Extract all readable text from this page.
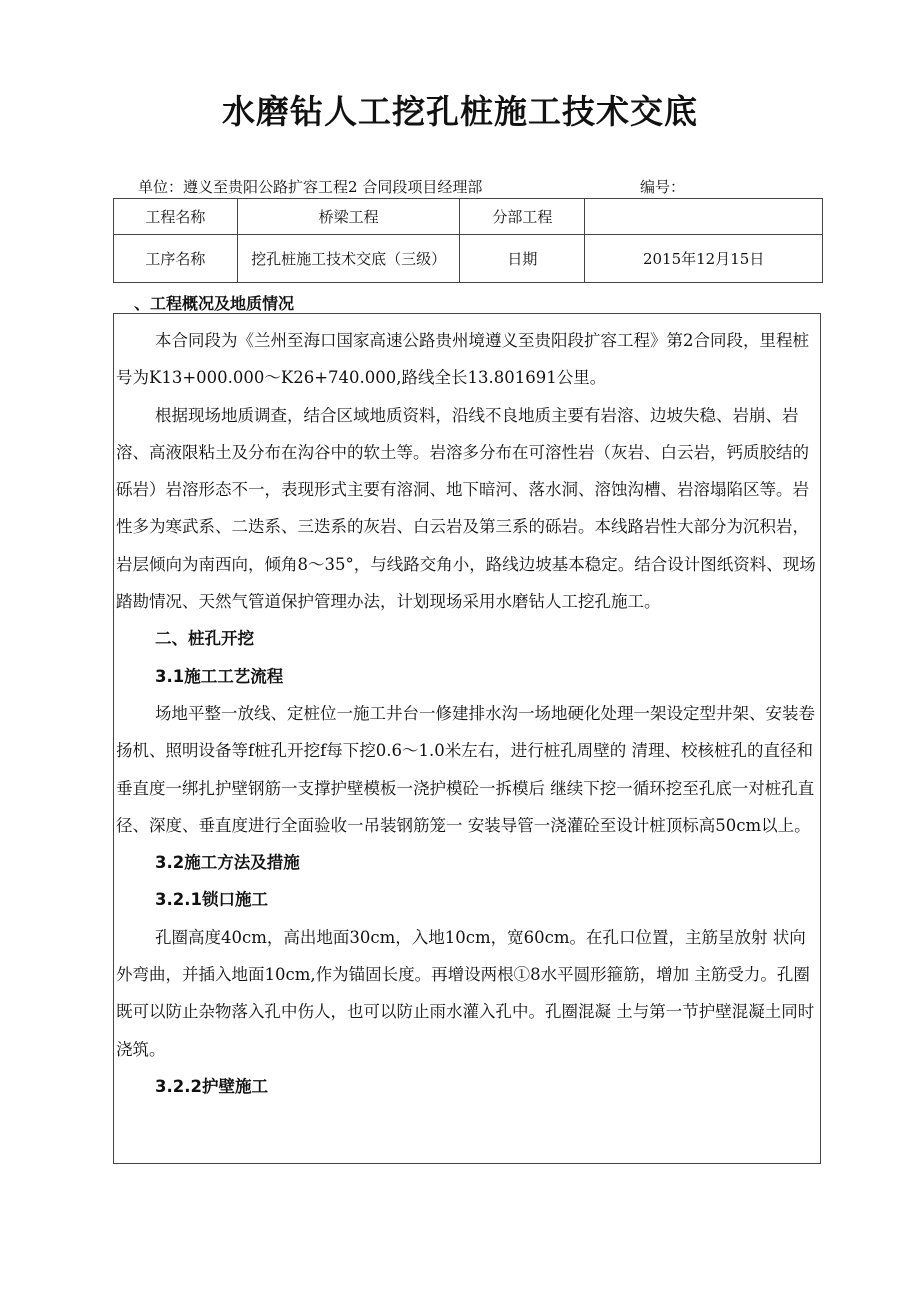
水磨钻人工挖孔桩施工技术交底
单位：遵义至贵阳公路扩容工程2 合同段项目经理部	编号：
工程名称	桥梁工程	分部工程	
工序名称	挖孔桩施工技术交底（三级）	日期	2015年12月15日
、工程概况及地质情况

本合同段为《兰州至海口国家高速公路贵州境遵义至贵阳段扩容工程》第2合同段，里程桩号为K13+000.000〜K26+740.000,路线全长13.801691公里。

根据现场地质调查，结合区域地质资料，沿线不良地质主要有岩溶、边坡失稳、岩崩、岩溶、高液限粘土及分布在沟谷中的软土等。岩溶多分布在可溶性岩（灰岩、白云岩，钙质胶结的砾岩）岩溶形态不一，表现形式主要有溶洞、地下暗河、落水洞、溶蚀沟槽、岩溶塌陷区等。岩性多为寒武系、二迭系、三迭系的灰岩、白云岩及第三系的砾岩。本线路岩性大部分为沉积岩，岩层倾向为南西向，倾角8〜35°，与线路交角小，路线边坡基本稳定。结合设计图纸资料、现场踏勘情况、天然气管道保护管理办法，计划现场采用水磨钻人工挖孔施工。

二、桩孔开挖

3.1施工工艺流程

场地平整一放线、定桩位一施工井台一修建排水沟一场地硬化处理一架设定型井架、安装卷扬机、照明设备等f桩孔开挖f每下挖0.6〜1.0米左右，进行桩孔周壁的 清理、校核桩孔的直径和垂直度一绑扎护壁钢筋一支撑护壁模板一浇护模砼一拆模后 继续下挖一循环挖至孔底一对桩孔直径、深度、垂直度进行全面验收一吊装钢筋笼一 安装导管一浇灌砼至设计桩顶标高50cm以上。

3.2施工方法及措施

3.2.1锁口施工

孔圈高度40cm，高出地面30cm，入地10cm，宽60cm。在孔口位置，主筋呈放射 状向外弯曲，并插入地面10cm,作为锚固长度。再增设两根①8水平圆形箍筋，增加 主筋受力。孔圈既可以防止杂物落入孔中伤人，也可以防止雨水灌入孔中。孔圈混凝 土与第一节护壁混凝土同时浇筑。

3.2.2护壁施工
